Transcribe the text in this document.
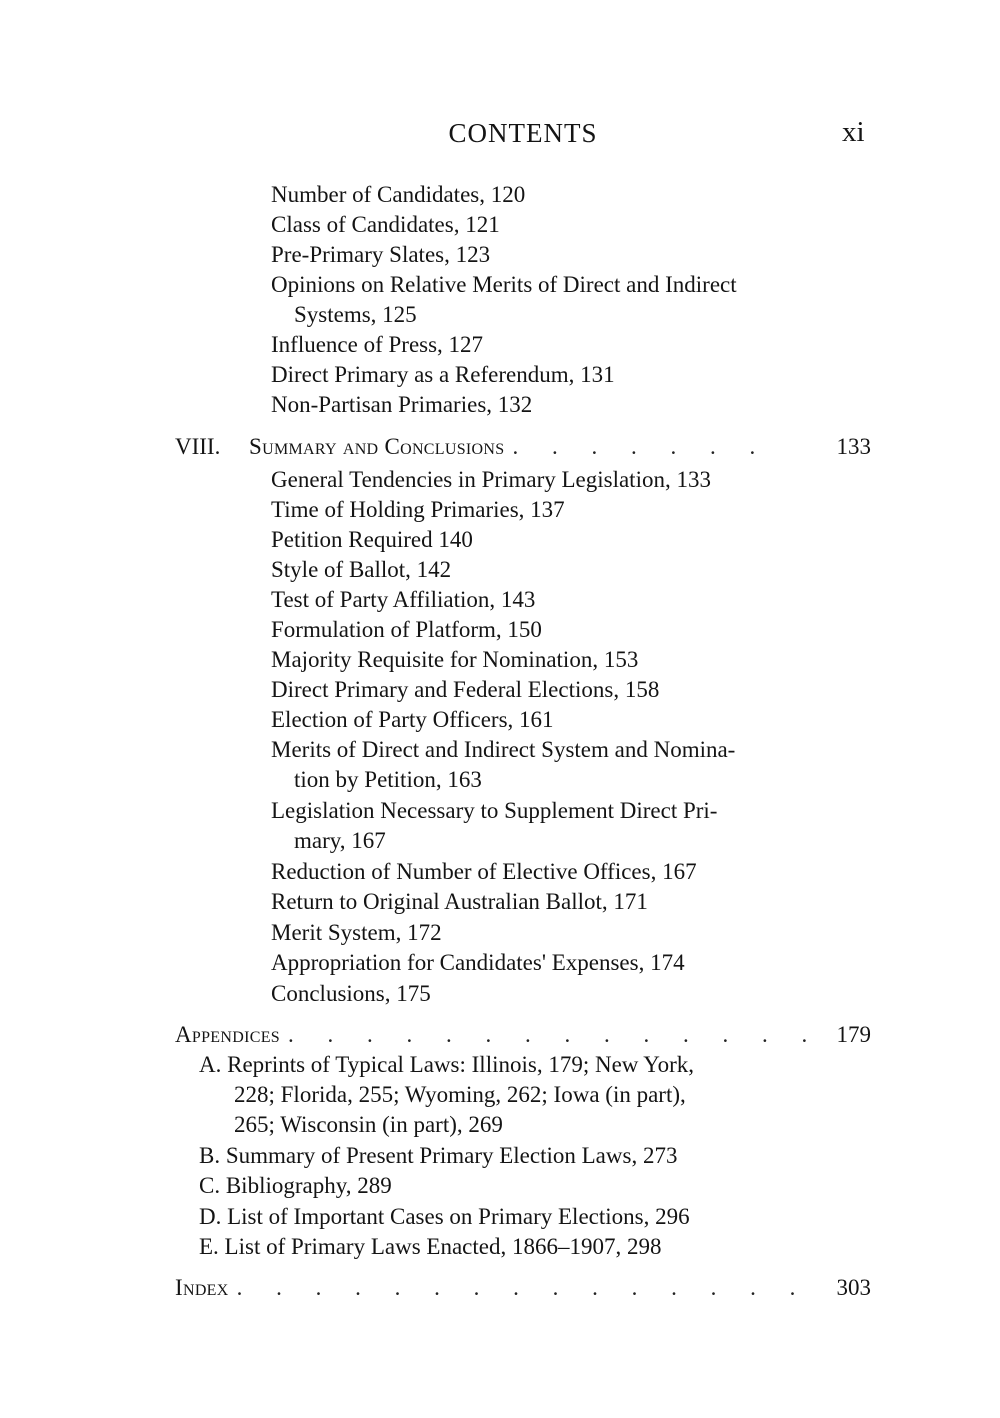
CONTENTS	xi
Number of Candidates, 120
Class of Candidates, 121
Pre-Primary Slates, 123
Opinions on Relative Merits of Direct and Indirect
Systems, 125
Influence of Press, 127
Direct Primary as a Referendum, 131
Non-Partisan Primaries, 132
VIII.	Summary and Conclusions . . . . . . .	133
General Tendencies in Primary Legislation, 133
Time of Holding Primaries, 137
Petition Required 140
Style of Ballot, 142
Test of Party Affiliation, 143
Formulation of Platform, 150
Majority Requisite for Nomination, 153
Direct Primary and Federal Elections, 158
Election of Party Officers, 161
Merits of Direct and Indirect System and Nomina-
tion by Petition, 163
Legislation Necessary to Supplement Direct Pri-
mary, 167
Reduction of Number of Elective Offices, 167
Return to Original Australian Ballot, 171
Merit System, 172
Appropriation for Candidates' Expenses, 174
Conclusions, 175
Appendices . . . . . . . . . . . . . . 179
A. Reprints of Typical Laws: Illinois, 179; New York,
228; Florida, 255; Wyoming, 262; Iowa (in part),
265; Wisconsin (in part), 269
B. Summary of Present Primary Election Laws, 273
C. Bibliography, 289
D. List of Important Cases on Primary Elections, 296
E. List of Primary Laws Enacted, 1866–1907, 298
Index . . . . . . . . . . . . . . .	303
